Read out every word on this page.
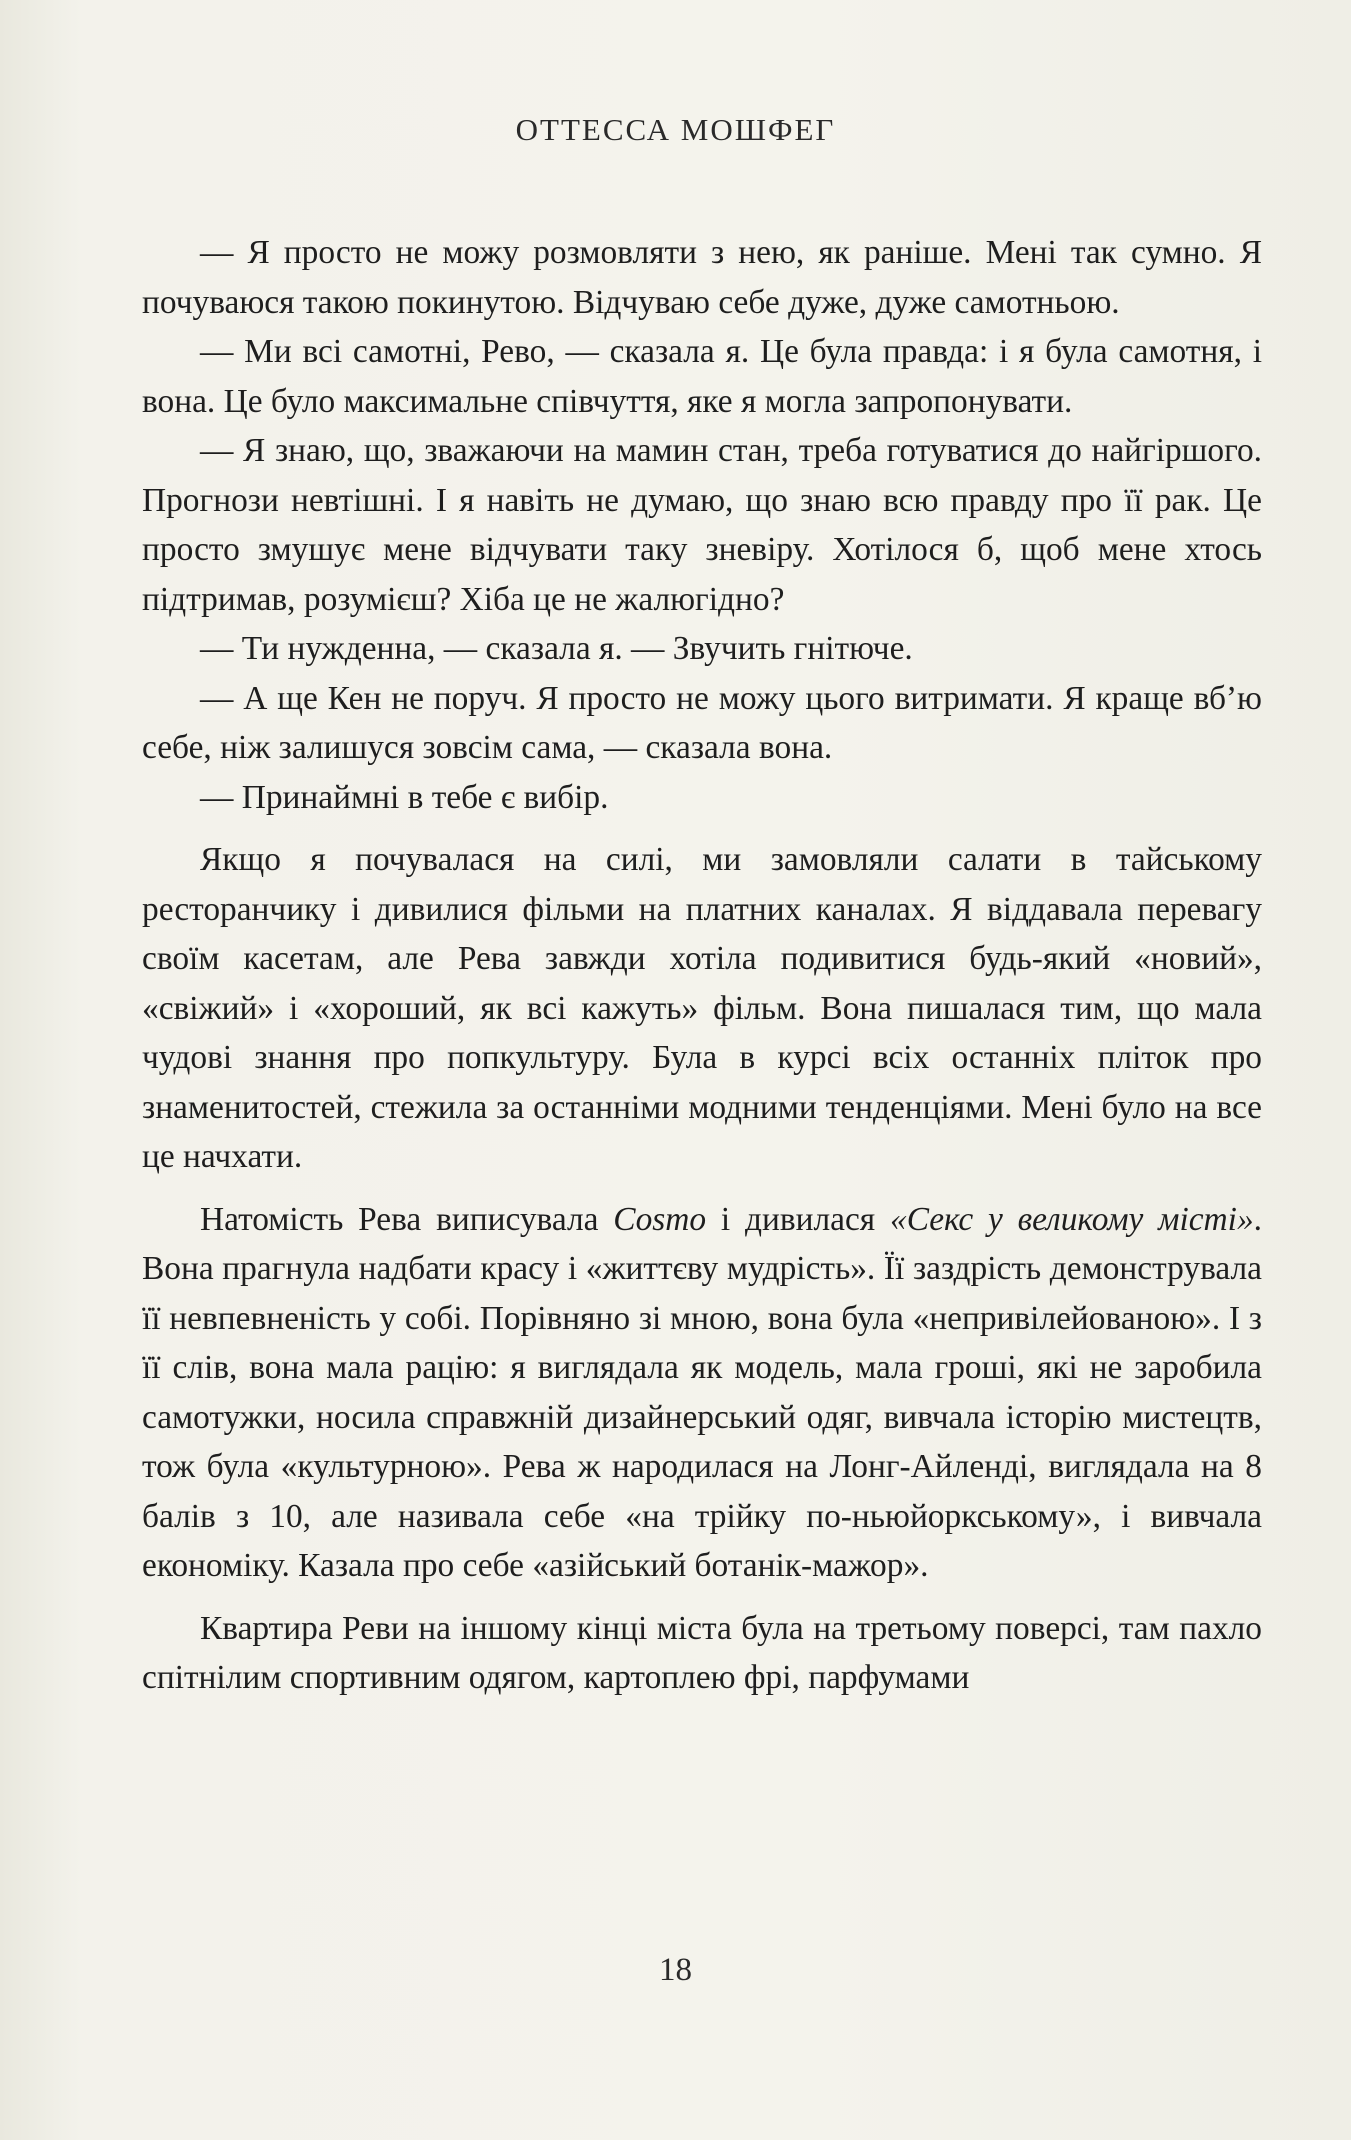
ОТТЕССА МОШФЕГ

— Я просто не можу розмовляти з нею, як раніше. Мені так сумно. Я почуваюся такою покинутою. Відчуваю себе дуже, дуже самотньою.

— Ми всі самотні, Рево, — сказала я. Це була правда: і я була самотня, і вона. Це було максимальне співчуття, яке я могла запропонувати.

— Я знаю, що, зважаючи на мамин стан, треба готуватися до найгіршого. Прогнози невтішні. І я навіть не думаю, що знаю всю правду про її рак. Це просто змушує мене відчувати таку зневіру. Хотілося б, щоб мене хтось підтримав, розумієш? Хіба це не жалюгідно?

— Ти нужденна, — сказала я. — Звучить гнітюче.

— А ще Кен не поруч. Я просто не можу цього витримати. Я краще вб’ю себе, ніж залишуся зовсім сама, — сказала вона.

— Принаймні в тебе є вибір.

Якщо я почувалася на силі, ми замовляли салати в тайському ресторанчику і дивилися фільми на платних каналах. Я віддавала перевагу своїм касетам, але Рева завжди хотіла подивитися будь-який «новий», «свіжий» і «хороший, як всі кажуть» фільм. Вона пишалася тим, що мала чудові знання про попкультуру. Була в курсі всіх останніх пліток про знаменитостей, стежила за останніми модними тенденціями. Мені було на все це начхати.

Натомість Рева виписувала Cosmo і дивилася «Секс у великому місті». Вона прагнула надбати красу і «життєву мудрість». Її заздрість демонструвала її невпевненість у собі. Порівняно зі мною, вона була «непривілейованою». І з її слів, вона мала рацію: я виглядала як модель, мала гроші, які не заробила самотужки, носила справжній дизайнерський одяг, вивчала історію мистецтв, тож була «культурною». Рева ж народилася на Лонг-Айленді, виглядала на 8 балів з 10, але називала себе «на трійку по-ньюйоркському», і вивчала економіку. Казала про себе «азійський ботанік-мажор».

Квартира Реви на іншому кінці міста була на третьому поверсі, там пахло спітнілим спортивним одягом, картоплею фрі, парфумами

18
